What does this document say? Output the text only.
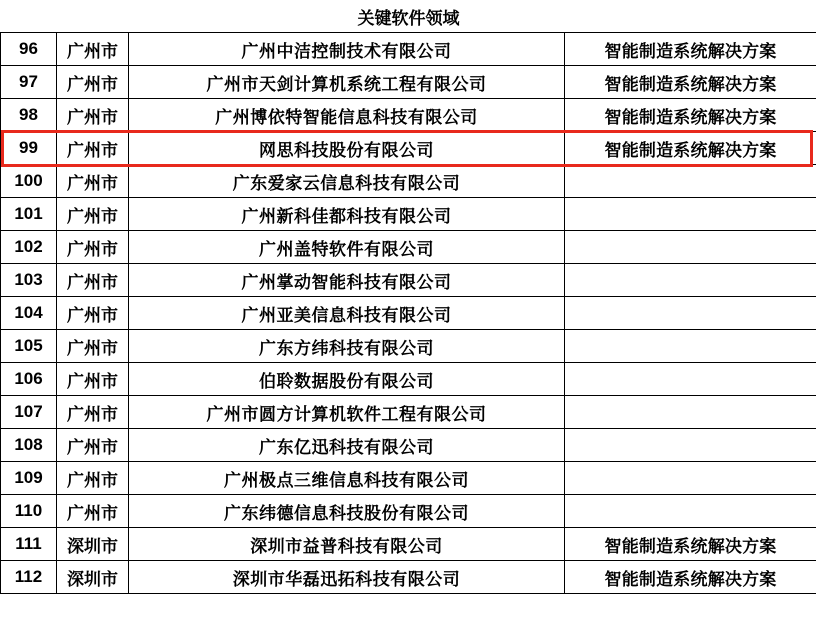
关键软件领域			
96	广州市	广州中洁控制技术有限公司	智能制造系统解决方案
97	广州市	广州市天剑计算机系统工程有限公司	智能制造系统解决方案
98	广州市	广州博依特智能信息科技有限公司	智能制造系统解决方案
99	广州市	网思科技股份有限公司	智能制造系统解决方案
100	广州市	广东爱家云信息科技有限公司	
101	广州市	广州新科佳都科技有限公司	
102	广州市	广州盖特软件有限公司	
103	广州市	广州掌动智能科技有限公司	
104	广州市	广州亚美信息科技有限公司	
105	广州市	广东方纬科技有限公司	
106	广州市	伯聆数据股份有限公司	
107	广州市	广州市圆方计算机软件工程有限公司	
108	广州市	广东亿迅科技有限公司	
109	广州市	广州极点三维信息科技有限公司	
110	广州市	广东纬德信息科技股份有限公司	
111	深圳市	深圳市益普科技有限公司	智能制造系统解决方案
112	深圳市	深圳市华磊迅拓科技有限公司	智能制造系统解决方案
